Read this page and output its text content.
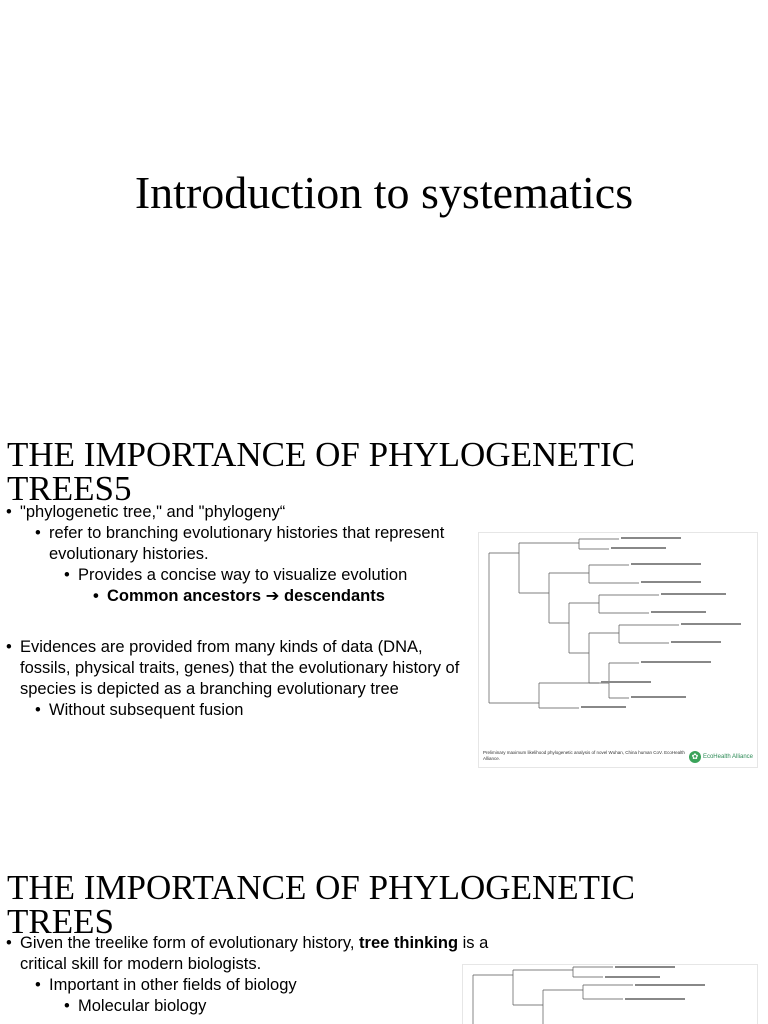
Introduction to systematics
THE IMPORTANCE OF PHYLOGENETIC TREES5

• "phylogenetic tree," and "phylogeny“

• refer to branching evolutionary histories that represent evolutionary histories.

• Provides a concise way to visualize evolution

• Common ancestors ➔ descendants

• Evidences are provided from many kinds of data (DNA, fossils, physical traits, genes) that the evolutionary history of species is depicted as a branching evolutionary tree

• Without subsequent fusion

Preliminary maximum likelihood phylogenetic analysis of novel Wuhan, China human CoV. EcoHealth Alliance.	✿ EcoHealth Alliance
THE IMPORTANCE OF PHYLOGENETIC TREES

• Given the treelike form of evolutionary history, tree thinking is a critical skill for modern biologists.

• Important in other fields of biology

• Molecular biology
